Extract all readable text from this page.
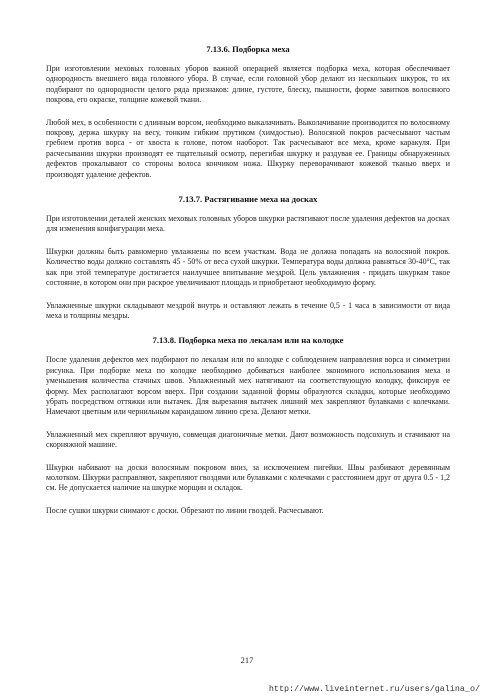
7.13.6. Подборка меха

При изготовлении меховых головных уборов важной операцией является подборка меха, которая обеспечивает однородность внешнего вида головного убора. В случае, если головной убор делают из нескольких шкурок, то их подбирают по однородности целого ряда признаков: длине, густоте, блеску, пышности, форме завитков волосяного покрова, его окраске, толщине кожевой ткани.

Любой мех, в особенности с длинным ворсом, необходимо выкалачивать. Выколачивание производится по волосяному покрову, держа шкурку на весу, тонким гибким прутиком (химдостью). Волосяной покров расчесывают частым гребнем против ворса - от хвоста к голове, потом наоборот. Так расчесывают все меха, кроме каракуля. При расчесывании шкурки производят ее тщательный осмотр, перегибая шкурку и раздувая ее. Границы обнаруженных дефектов прокалывают со стороны волоса кончиком ножа. Шкурку переворачивают кожевой тканью вверх и производят удаление дефектов.

7.13.7. Растягивание меха на досках

При изготовлении деталей женских меховых головных уборов шкурки растягивают после удаления дефектов на досках для изменения конфигурации меха.

Шкурки должны быть равномерно увлажнены по всем участкам. Вода не должна попадать на волосяной покров. Количество воды должно составлять 45 - 50% от веса сухой шкурки. Температура воды должна равняться 30-40°С, так как при этой температуре достигается наилучшее впитывание мездрой. Цель увлажнения - придать шкуркам такое состояние, в котором они при раскрое увеличивают площадь и приобретают необходимую форму.

Увлажненные шкурки складывают мездрой внутрь и оставляют лежать в течение 0,5 - 1 часа в зависимости от вида меха и толщины мездры.

7.13.8. Подборка меха по лекалам или на колодке

После удаления дефектов мех подбирают по лекалам или по колодке с соблюдением направления ворса и симметрии рисунка. При подборке меха по колодке необходимо добиваться наиболее экономного использования меха и уменьшения количества стачных швов. Увлажненный мех натягивают на соответствующую колодку, фиксируя ее форму. Мех располагают ворсом вверх. При создании заданной формы образуются складки, которые необходимо убрать посредством оттяжки или вытачек. Для вырезания вытачек лишний мех закрепляют булавками с колечками. Намечают цветным или чернильным карандашом линию среза. Делают метки.

Увлажненный мех скрепляют вручную, совмещая диагоничные метки. Дают возможность подсохнуть и стачивают на скорняжной машине.

Шкурки набивают на доски волосяным покровом вниз, за исключением пигейки. Швы разбивают деревянным молотком. Шкурки расправляют, закрепляют гвоздями или булавками с колечками с расстоянием друг от друга 0.5 - 1,2 см. Не допускается наличие на шкурке морщин и складок.

После сушки шкурки снимают с доски. Обрезают по линии гвоздей. Расчесывают.

217
http://www.liveinternet.ru/users/galina_o/
